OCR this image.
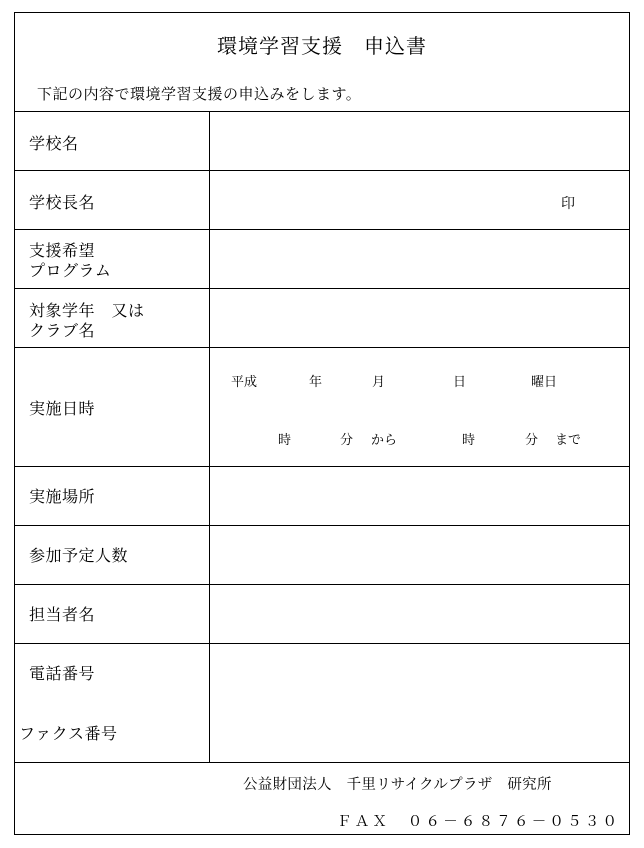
環境学習支援　申込書
下記の内容で環境学習支援の申込みをします。
学校名
学校長名	印
支援希望
プログラム
対象学年　又は
クラブ名
実施日時
平成	年	月	日	曜日
時	分 から	時	分 まで
実施場所
参加予定人数
担当者名
電話番号
ファクス番号
公益財団法人　千里リサイクルプラザ　研究所
ＦＡＸ　０６－６８７６－０５３０
